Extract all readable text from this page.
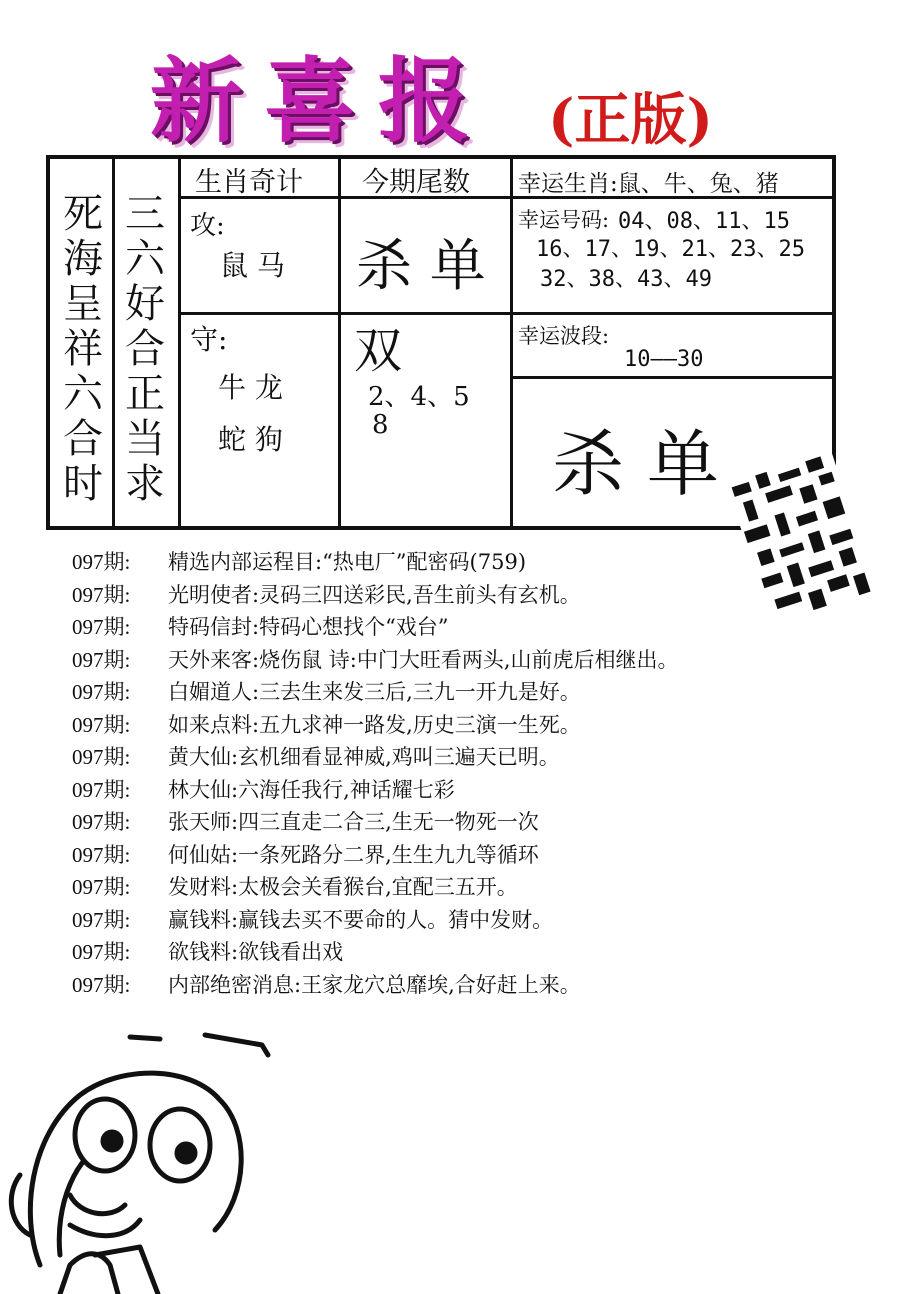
新喜报 (正版)
死海呈祥六合时
三六好合正当求
生肖奇计 今期尾数 幸运生肖:鼠、牛、兔、猪
攻:
鼠 马
守:
牛 龙
蛇 狗
杀 单
双
2、4、5
8
幸运号码: 04、08、11、15
16、17、19、21、23、25
32、38、43、49
幸运波段:
10——30
杀 单
097期: 精选内部运程目:“热电厂”配密码(759)
097期: 光明使者:灵码三四送彩民,吾生前头有玄机。
097期: 特码信封:特码心想找个“戏台”
097期: 天外来客:烧伤鼠 诗:中门大旺看两头,山前虎后相继出。
097期: 白媚道人:三去生来发三后,三九一开九是好。
097期: 如来点料:五九求神一路发,历史三演一生死。
097期: 黄大仙:玄机细看显神威,鸡叫三遍天已明。
097期: 林大仙:六海任我行,神话耀七彩
097期: 张天师:四三直走二合三,生无一物死一次
097期: 何仙姑:一条死路分二界,生生九九等循环
097期: 发财料:太极会关看猴台,宜配三五开。
097期: 赢钱料:赢钱去买不要命的人。猜中发财。
097期: 欲钱料:欲钱看出戏
097期: 内部绝密消息:王家龙穴总靡埃,合好赶上来。
